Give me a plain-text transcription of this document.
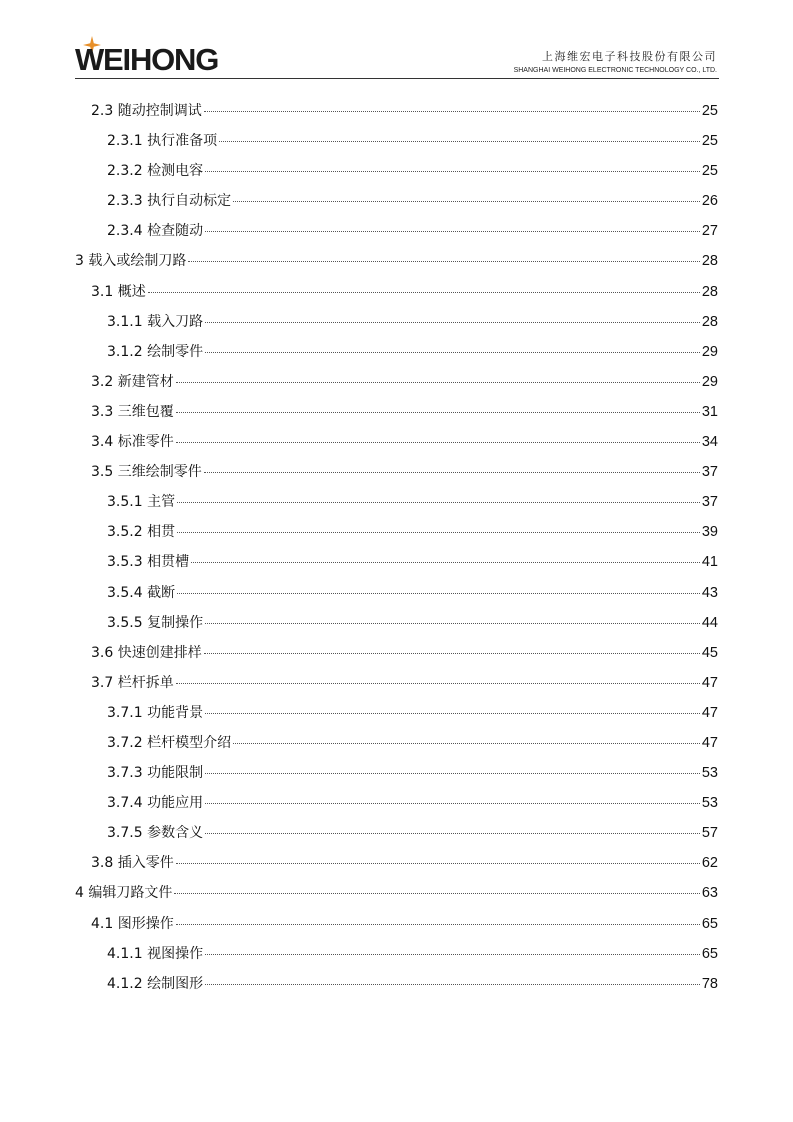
WEIHONG	上海维宏电子科技股份有限公司
SHANGHAI WEIHONG ELECTRONIC TECHNOLOGY CO., LTD.
2.3 随动控制调试	25
2.3.1 执行准备项	25
2.3.2 检测电容	25
2.3.3 执行自动标定	26
2.3.4 检查随动	27
3 载入或绘制刀路	28
3.1 概述	28
3.1.1 载入刀路	28
3.1.2 绘制零件	29
3.2 新建管材	29
3.3 三维包覆	31
3.4 标准零件	34
3.5 三维绘制零件	37
3.5.1 主管	37
3.5.2 相贯	39
3.5.3 相贯槽	41
3.5.4 截断	43
3.5.5 复制操作	44
3.6 快速创建排样	45
3.7 栏杆拆单	47
3.7.1 功能背景	47
3.7.2 栏杆模型介绍	47
3.7.3 功能限制	53
3.7.4 功能应用	53
3.7.5 参数含义	57
3.8 插入零件	62
4 编辑刀路文件	63
4.1 图形操作	65
4.1.1 视图操作	65
4.1.2 绘制图形	78
